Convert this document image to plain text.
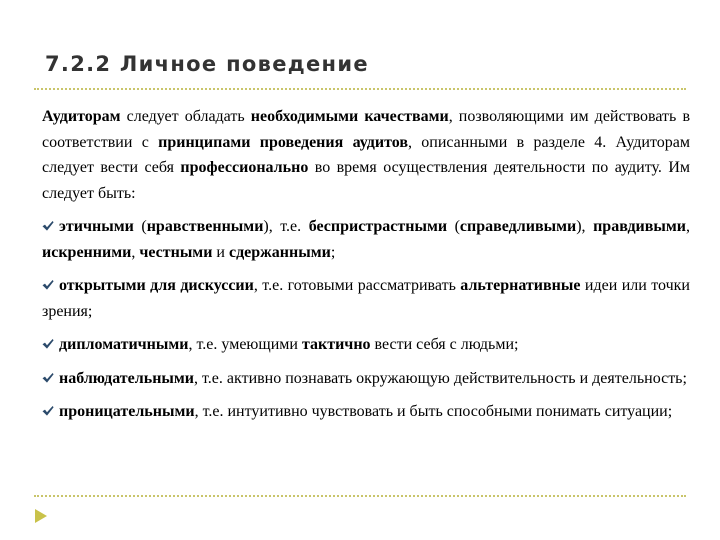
7.2.2 Личное поведение

Аудиторам следует обладать необходимыми качествами, позволяющими им действовать в соответствии с принципами проведения аудитов, описанными в разделе 4. Аудиторам следует вести себя профессионально во время осуществления деятельности по аудиту. Им следует быть:

этичными (нравственными), т.е. беспристрастными (справедливыми), правдивыми, искренними, честными и сдержанными;

открытыми для дискуссии, т.е. готовыми рассматривать альтернативные идеи или точки зрения;

дипломатичными, т.е. умеющими тактично вести себя с людьми;

наблюдательными, т.е. активно познавать окружающую действительность и деятельность;

проницательными, т.е. интуитивно чувствовать и быть способными понимать ситуации;
